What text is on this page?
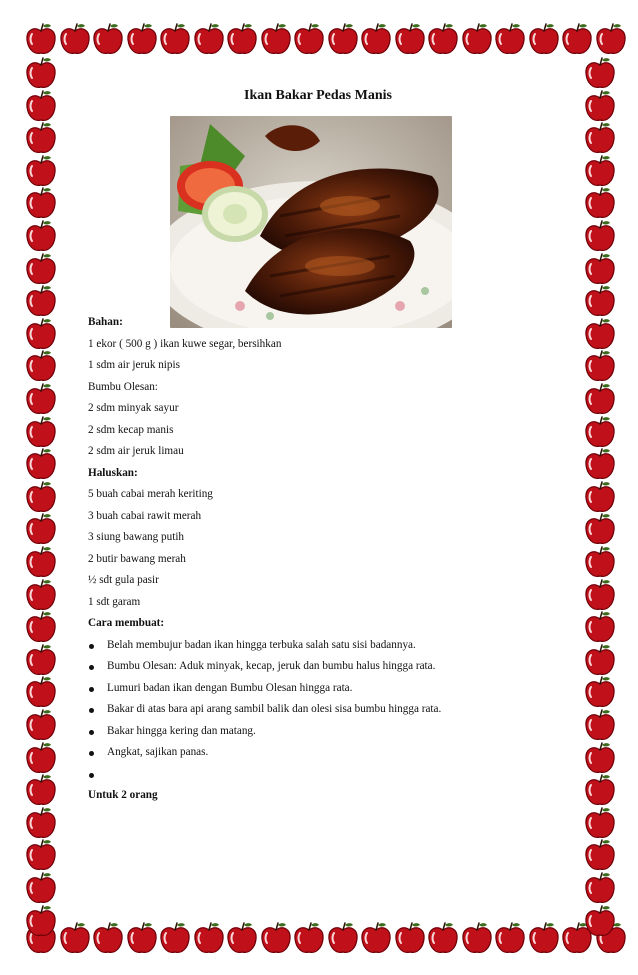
Ikan Bakar Pedas Manis
Bahan:
1 ekor ( 500 g ) ikan kuwe segar, bersihkan
1 sdm air jeruk nipis
Bumbu Olesan:
2 sdm minyak sayur
2 sdm kecap manis
2 sdm air jeruk limau
Haluskan:
5 buah cabai merah keriting
3 buah cabai rawit merah
3 siung bawang putih
2 butir bawang merah
½ sdt gula pasir
1 sdt garam
Cara membuat:
Belah membujur badan ikan hingga terbuka salah satu sisi badannya.
Bumbu Olesan: Aduk minyak, kecap, jeruk dan bumbu halus hingga rata.
Lumuri badan ikan dengan Bumbu Olesan hingga rata.
Bakar di atas bara api arang sambil balik dan olesi sisa bumbu hingga rata.
Bakar hingga kering dan matang.
Angkat, sajikan panas.
Untuk 2 orang
